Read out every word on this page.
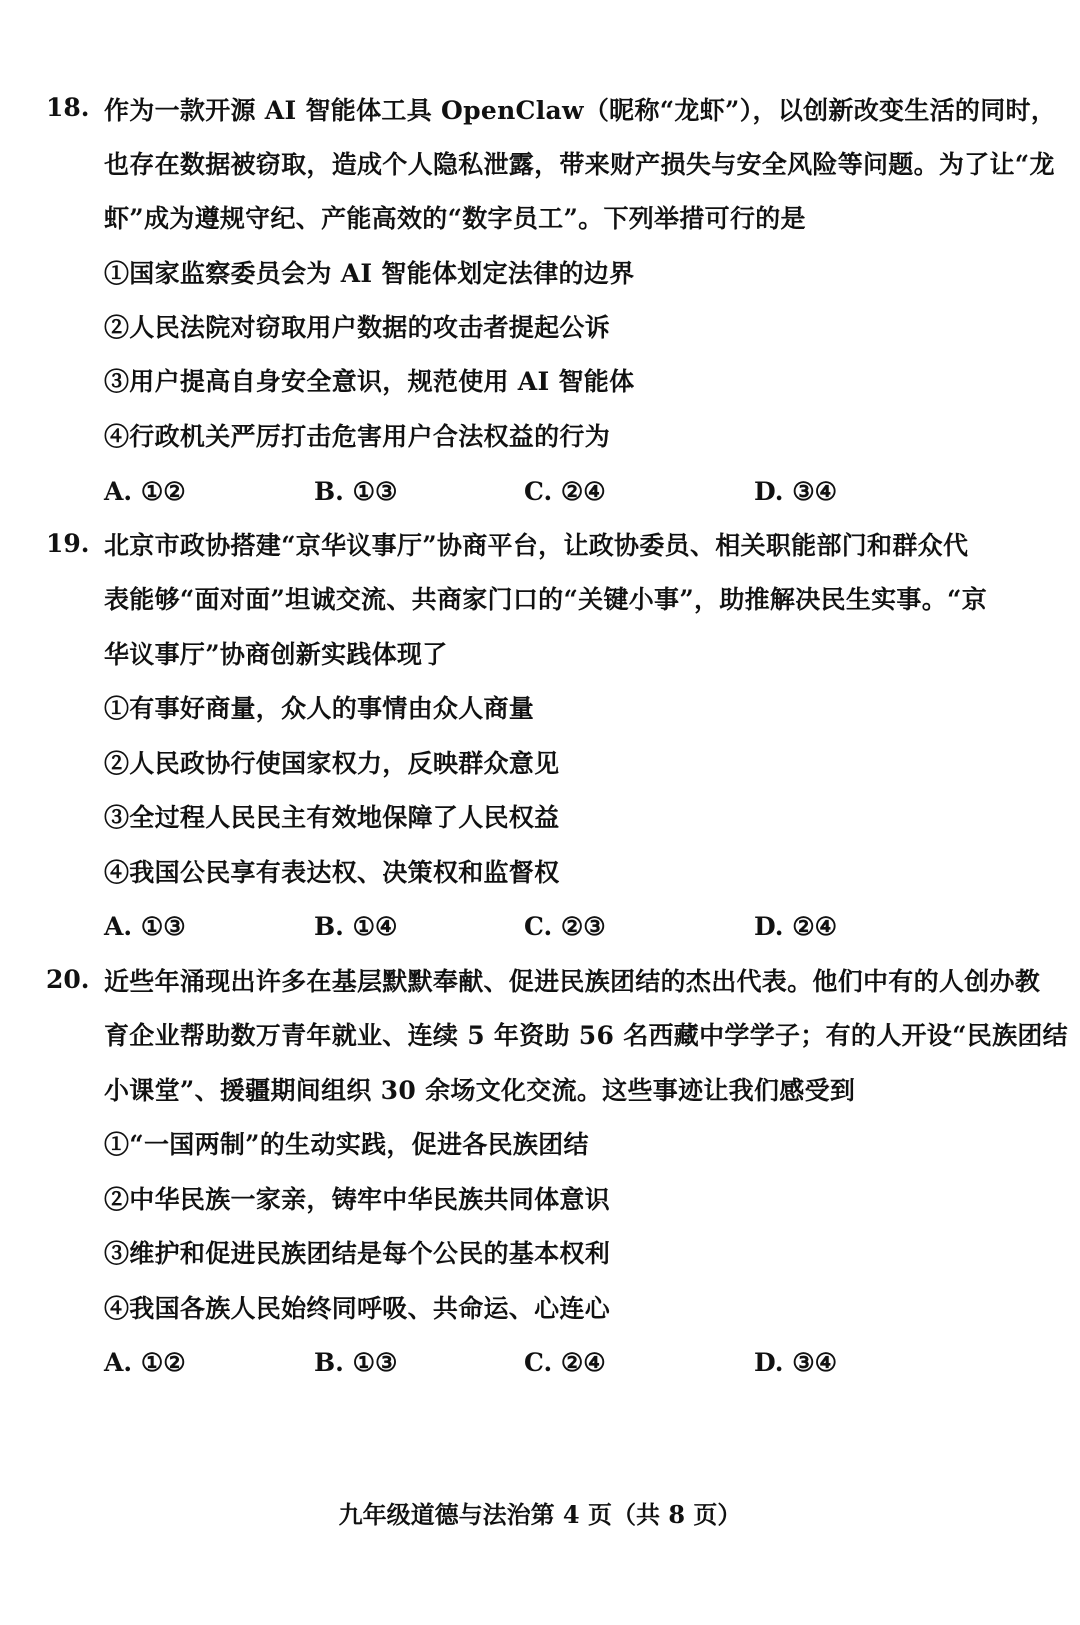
18. 作为一款开源 AI 智能体工具 OpenClaw（昵称“龙虾”），以创新改变生活的同时，
也存在数据被窃取，造成个人隐私泄露，带来财产损失与安全风险等问题。为了让“龙
虾”成为遵规守纪、产能高效的“数字员工”。下列举措可行的是
①国家监察委员会为 AI 智能体划定法律的边界
②人民法院对窃取用户数据的攻击者提起公诉
③用户提高自身安全意识，规范使用 AI 智能体
④行政机关严厉打击危害用户合法权益的行为
A. ①②	B. ①③	C. ②④	D. ③④
19. 北京市政协搭建“京华议事厅”协商平台，让政协委员、相关职能部门和群众代
表能够“面对面”坦诚交流、共商家门口的“关键小事”，助推解决民生实事。“京
华议事厅”协商创新实践体现了
①有事好商量，众人的事情由众人商量
②人民政协行使国家权力，反映群众意见
③全过程人民民主有效地保障了人民权益
④我国公民享有表达权、决策权和监督权
A. ①③	B. ①④	C. ②③	D. ②④
20. 近些年涌现出许多在基层默默奉献、促进民族团结的杰出代表。他们中有的人创办教
育企业帮助数万青年就业、连续 5 年资助 56 名西藏中学学子；有的人开设“民族团结
小课堂”、援疆期间组织 30 余场文化交流。这些事迹让我们感受到
①“一国两制”的生动实践，促进各民族团结
②中华民族一家亲，铸牢中华民族共同体意识
③维护和促进民族团结是每个公民的基本权利
④我国各族人民始终同呼吸、共命运、心连心
A. ①②	B. ①③	C. ②④	D. ③④
九年级道德与法治第 4 页（共 8 页）
